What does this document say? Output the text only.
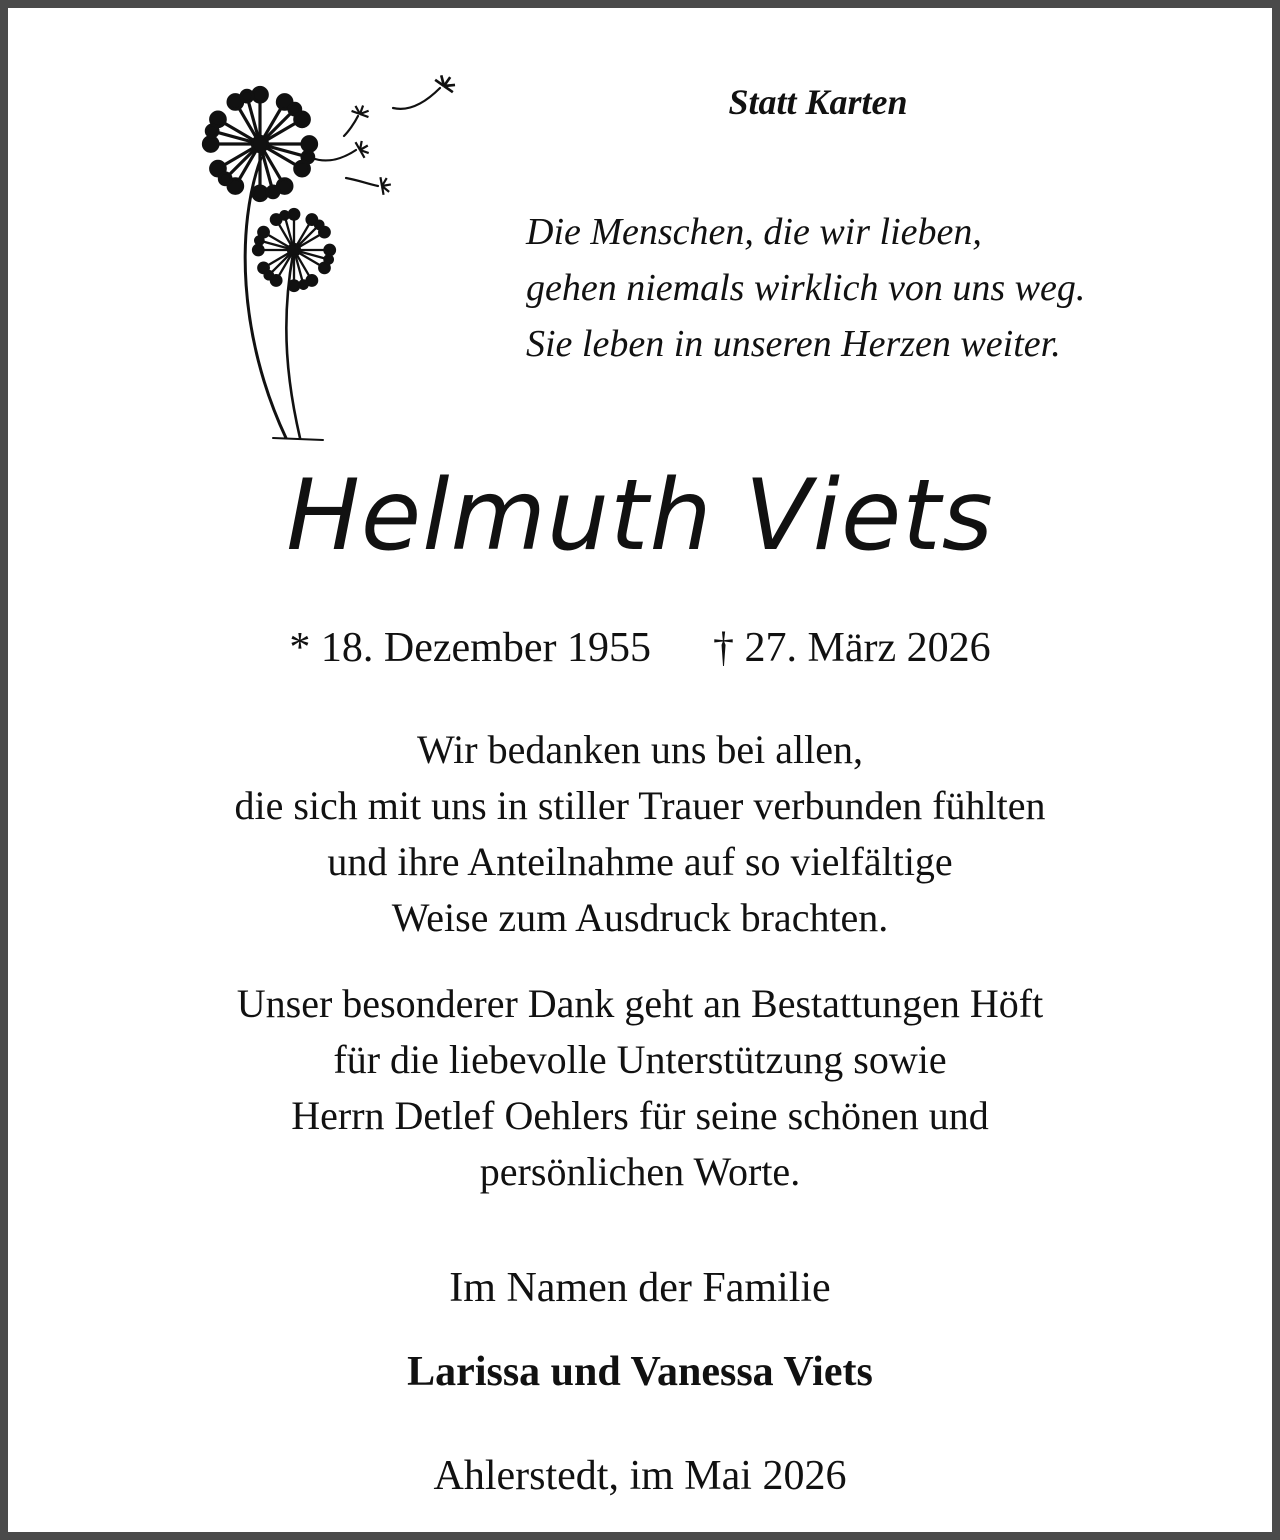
Statt Karten
Die Menschen, die wir lieben,
gehen niemals wirklich von uns weg.
Sie leben in unseren Herzen weiter.
Helmuth Viets
* 18. Dezember 1955 † 27. März 2026
Wir bedanken uns bei allen,
die sich mit uns in stiller Trauer verbunden fühlten
und ihre Anteilnahme auf so vielfältige
Weise zum Ausdruck brachten.
Unser besonderer Dank geht an Bestattungen Höft
für die liebevolle Unterstützung sowie
Herrn Detlef Oehlers für seine schönen und
persönlichen Worte.
Im Namen der Familie
Larissa und Vanessa Viets
Ahlerstedt, im Mai 2026
